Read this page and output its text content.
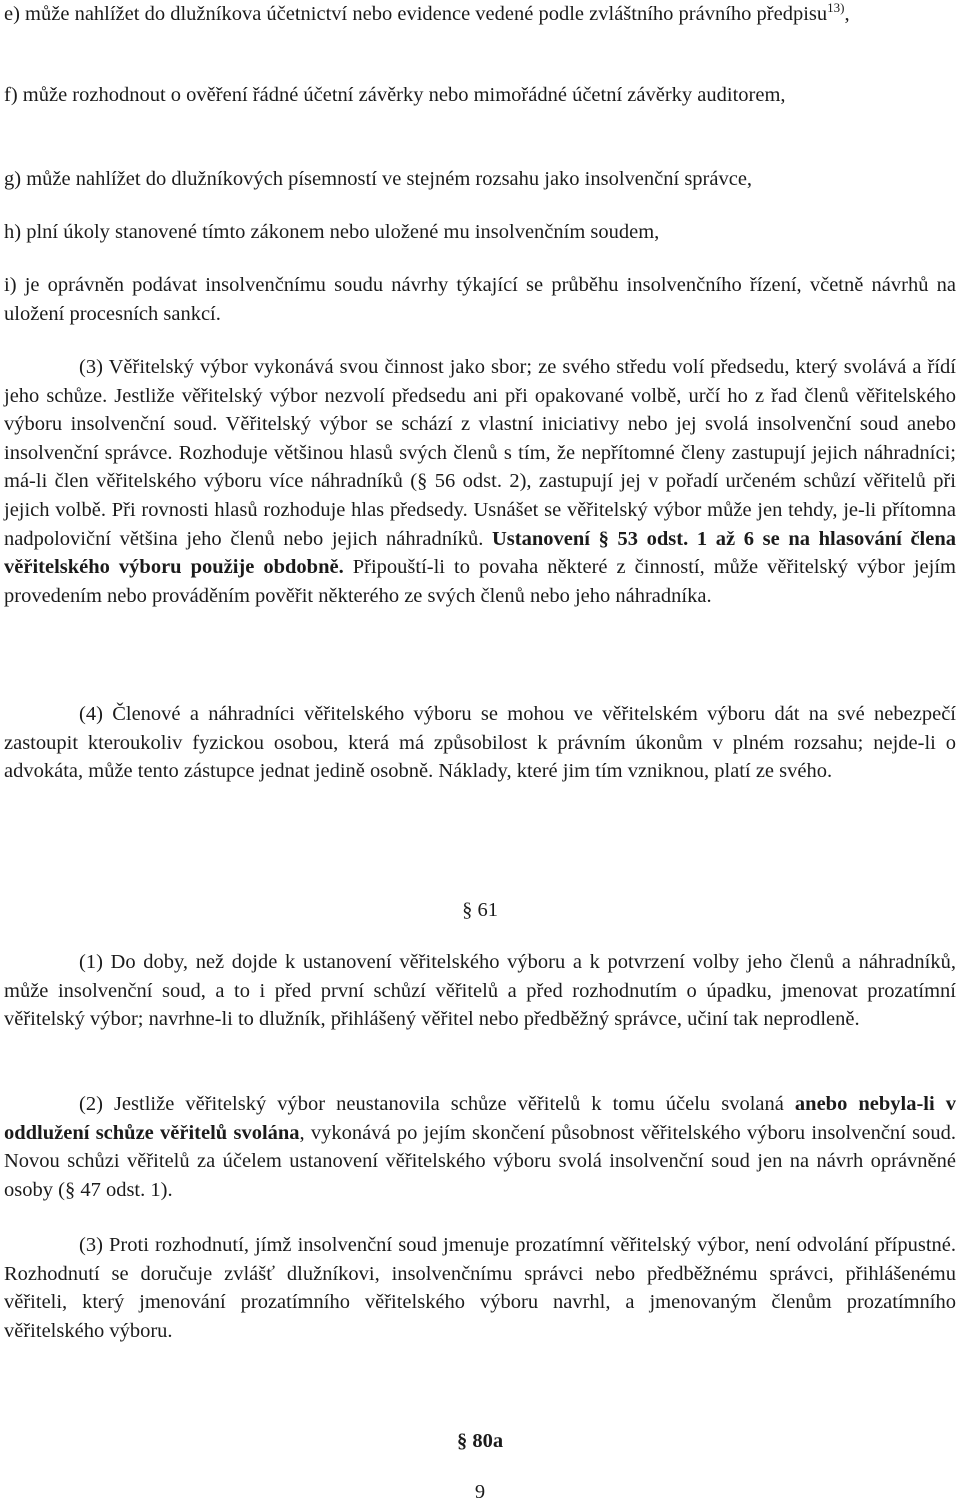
e) může nahlížet do dlužníkova účetnictví nebo evidence vedené podle zvláštního právního předpisu$^{13)}$,

f) může rozhodnout o ověření řádné účetní závěrky nebo mimořádné účetní závěrky auditorem,

g) může nahlížet do dlužníkových písemností ve stejném rozsahu jako insolvenční správce,

h) plní úkoly stanovené tímto zákonem nebo uložené mu insolvenčním soudem,

i) je oprávněn podávat insolvenčnímu soudu návrhy týkající se průběhu insolvenčního řízení, včetně návrhů na uložení procesních sankcí.

(3) Věřitelský výbor vykonává svou činnost jako sbor; ze svého středu volí předsedu, který svolává a řídí jeho schůze. Jestliže věřitelský výbor nezvolí předsedu ani při opakované volbě, určí ho z řad členů věřitelského výboru insolvenční soud. Věřitelský výbor se schází z vlastní iniciativy nebo jej svolá insolvenční soud anebo insolvenční správce. Rozhoduje většinou hlasů svých členů s tím, že nepřítomné členy zastupují jejich náhradníci; má-li člen věřitelského výboru více náhradníků (§ 56 odst. 2), zastupují jej v pořadí určeném schůzí věřitelů při jejich volbě. Při rovnosti hlasů rozhoduje hlas předsedy. Usnášet se věřitelský výbor může jen tehdy, je-li přítomna nadpoloviční většina jeho členů nebo jejich náhradníků. Ustanovení § 53 odst. 1 až 6 se na hlasování člena věřitelského výboru použije obdobně. Připouští-li to povaha některé z činností, může věřitelský výbor jejím provedením nebo prováděním pověřit některého ze svých členů nebo jeho náhradníka.

(4) Členové a náhradníci věřitelského výboru se mohou ve věřitelském výboru dát na své nebezpečí zastoupit kteroukoliv fyzickou osobou, která má způsobilost k právním úkonům v plném rozsahu; nejde-li o advokáta, může tento zástupce jednat jedině osobně. Náklady, které jim tím vzniknou, platí ze svého.

§ 61

(1) Do doby, než dojde k ustanovení věřitelského výboru a k potvrzení volby jeho členů a náhradníků, může insolvenční soud, a to i před první schůzí věřitelů a před rozhodnutím o úpadku, jmenovat prozatímní věřitelský výbor; navrhne-li to dlužník, přihlášený věřitel nebo předběžný správce, učiní tak neprodleně.

(2) Jestliže věřitelský výbor neustanovila schůze věřitelů k tomu účelu svolaná anebo nebyla-li v oddlužení schůze věřitelů svolána, vykonává po jejím skončení působnost věřitelského výboru insolvenční soud. Novou schůzi věřitelů za účelem ustanovení věřitelského výboru svolá insolvenční soud jen na návrh oprávněné osoby (§ 47 odst. 1).

(3) Proti rozhodnutí, jímž insolvenční soud jmenuje prozatímní věřitelský výbor, není odvolání přípustné. Rozhodnutí se doručuje zvlášť dlužníkovi, insolvenčnímu správci nebo předběžnému správci, přihlášenému věřiteli, který jmenování prozatímního věřitelského výboru navrhl, a jmenovaným členům prozatímního věřitelského výboru.

§ 80a

9
